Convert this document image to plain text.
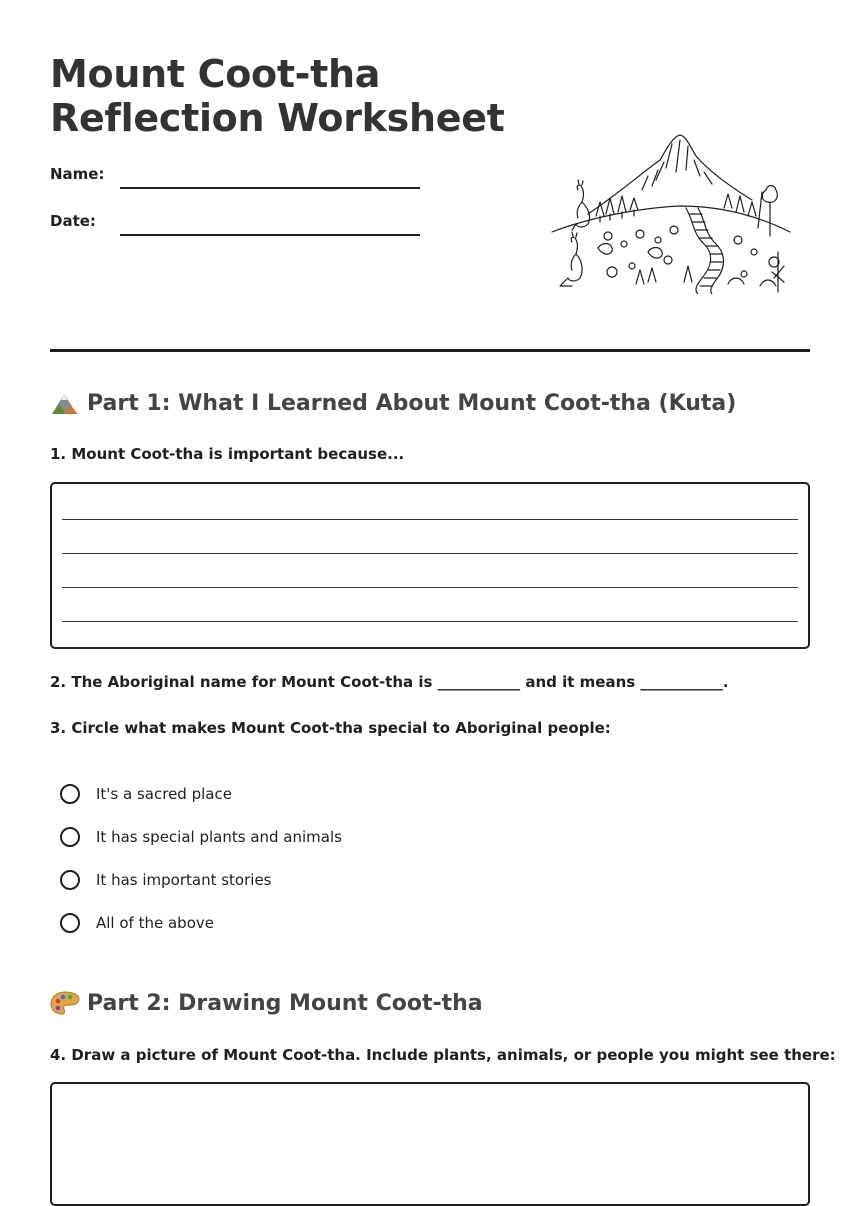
Mount Coot-tha
Reflection Worksheet
Name:
Date:
Part 1: What I Learned About Mount Coot-tha (Kuta)

1. Mount Coot-tha is important because...

2. The Aboriginal name for Mount Coot-tha is ___________ and it means ___________.

3. Circle what makes Mount Coot-tha special to Aboriginal people:

It's a sacred place
It has special plants and animals
It has important stories
All of the above
Part 2: Drawing Mount Coot-tha

4. Draw a picture of Mount Coot-tha. Include plants, animals, or people you might see there:
